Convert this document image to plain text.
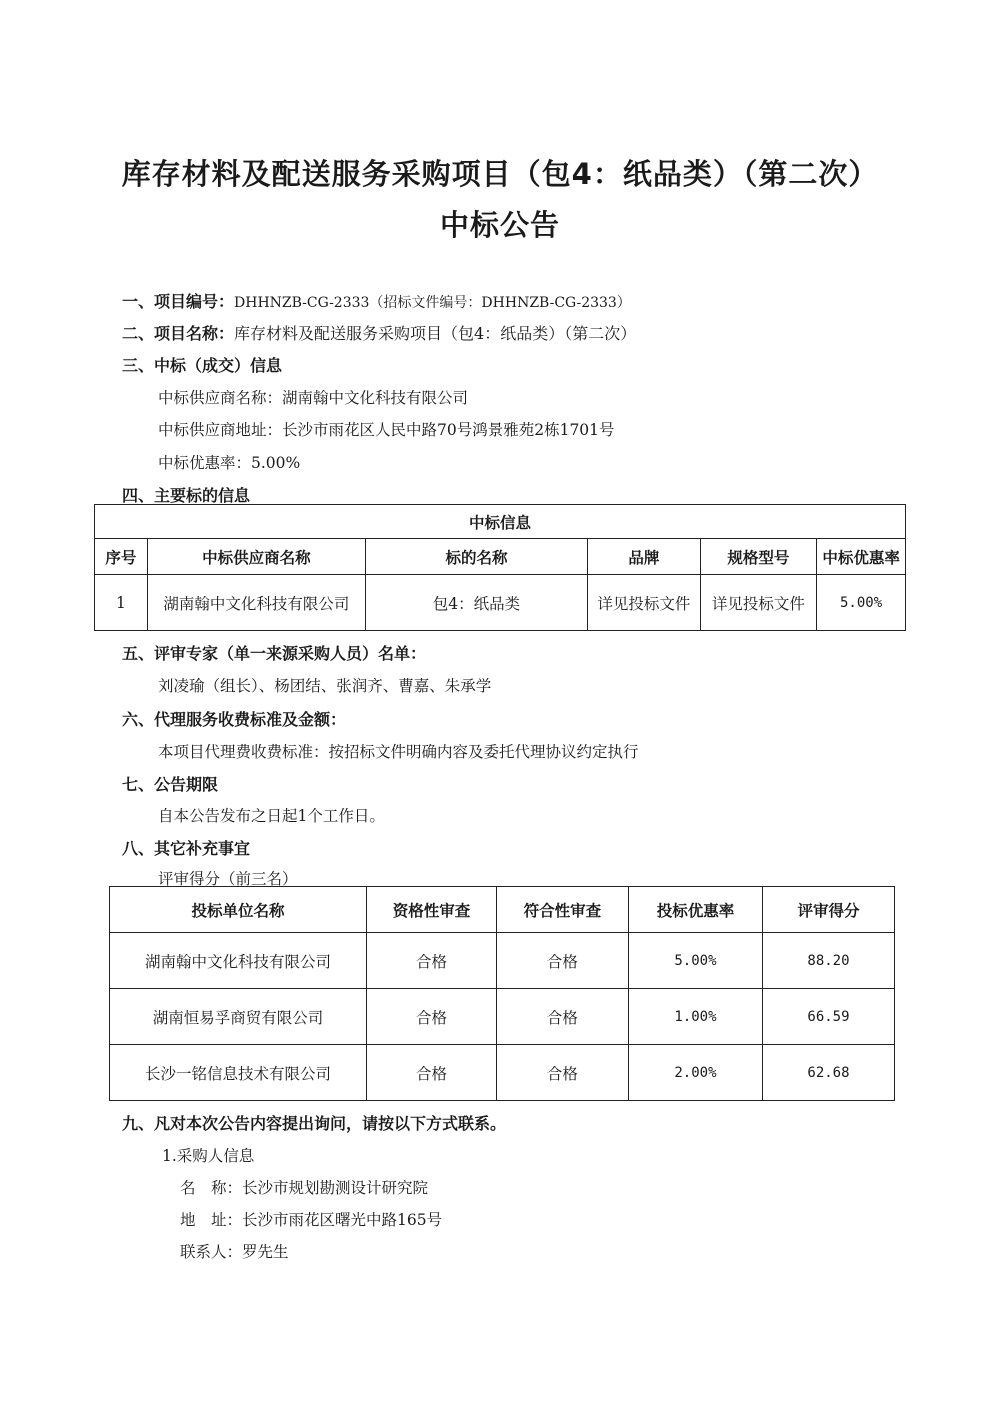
库存材料及配送服务采购项目（包4：纸品类）（第二次）
中标公告
一、项目编号：DHHNZB-CG-2333（招标文件编号：DHHNZB-CG-2333）
二、项目名称：库存材料及配送服务采购项目（包4：纸品类）（第二次）
三、中标（成交）信息
中标供应商名称：湖南翰中文化科技有限公司
中标供应商地址：长沙市雨花区人民中路70号鸿景雅苑2栋1701号
中标优惠率：5.00%
四、主要标的信息
中标信息					
序号	中标供应商名称	标的名称	品牌	规格型号	中标优惠率
1	湖南翰中文化科技有限公司	包4：纸品类	详见投标文件	详见投标文件	5.00%
五、评审专家（单一来源采购人员）名单：
刘凌瑜（组长）、杨团结、张润齐、曹嘉、朱承学
六、代理服务收费标准及金额：
本项目代理费收费标准：按招标文件明确内容及委托代理协议约定执行
七、公告期限
自本公告发布之日起1个工作日。
八、其它补充事宜
评审得分（前三名）
投标单位名称	资格性审查	符合性审查	投标优惠率	评审得分
湖南翰中文化科技有限公司	合格	合格	5.00%	88.20
湖南恒易孚商贸有限公司	合格	合格	1.00%	66.59
长沙一铭信息技术有限公司	合格	合格	2.00%	62.68
九、凡对本次公告内容提出询问，请按以下方式联系。
1.采购人信息
名　称：长沙市规划勘测设计研究院
地　址：长沙市雨花区曙光中路165号
联系人：罗先生
